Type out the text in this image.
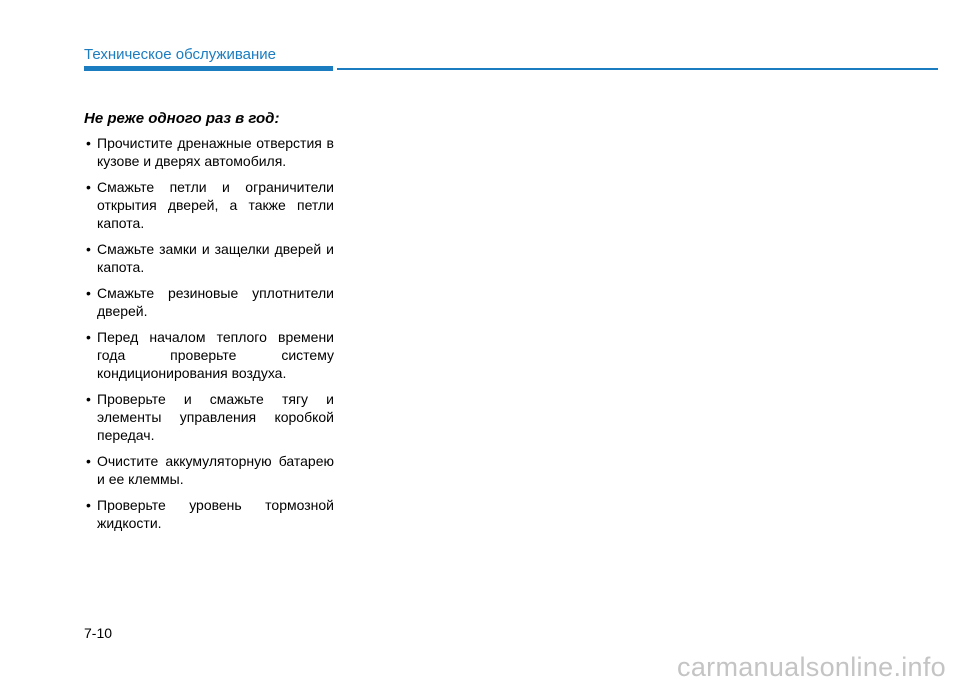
Техническое обслуживание
Не реже одного раз в год:
• Прочистите дренажные отверстия в кузове и дверях автомобиля.
• Смажьте петли и ограничители открытия дверей, а также петли капота.
• Смажьте замки и защелки дверей и капота.
• Смажьте резиновые уплотнители дверей.
• Перед началом теплого времени года проверьте систему кондиционирования воздуха.
• Проверьте и смажьте тягу и элементы управления коробкой передач.
• Очистите аккумуляторную батарею и ее клеммы.
• Проверьте уровень тормозной жидкости.
7-10
carmanualsonline.info
